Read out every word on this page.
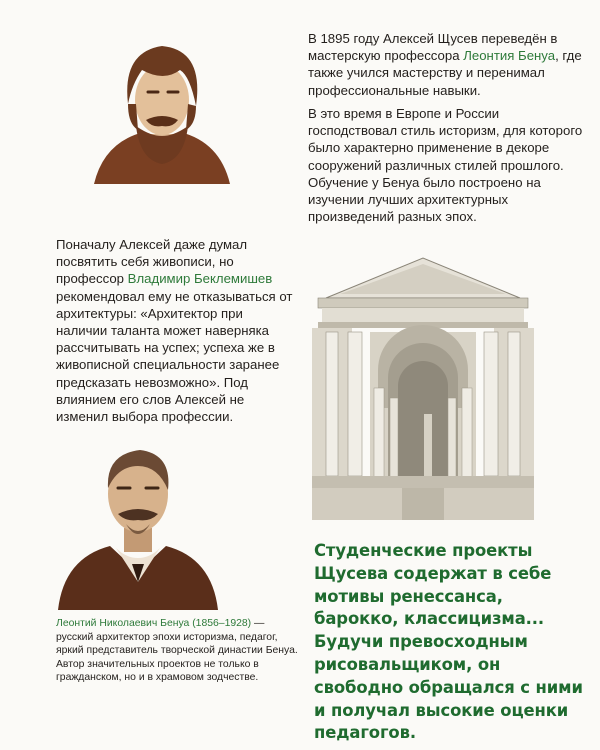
В 1895 году Алексей Щусев переведён в мастерскую профессора Леонтия Бенуа, где также учился мастерству и перенимал профессиональные навыки.

В это время в Европе и России господствовал стиль историзм, для которого было характерно применение в декоре сооружений различных стилей прошлого. Обучение у Бенуа было построено на изучении лучших архитектурных произведений разных эпох.

Поначалу Алексей даже думал посвятить себя живописи, но профессор Владимир Беклемишев рекомендовал ему не отказываться от архитектуры: «Архитектор при наличии таланта может наверняка рассчитывать на успех; успеха же в живописной специальности заранее предсказать невозможно». Под влиянием его слов Алексей не изменил выбора профессии.

Леонтий Николаевич Бенуа (1856–1928) — русский архитектор эпохи историзма, педагог, яркий представитель творческой династии Бенуа. Автор значительных проектов не только в гражданском, но и в храмовом зодчестве.

Студенческие проекты Щусева содержат в себе мотивы ренессанса, барокко, классицизма... Будучи превосходным рисовальщиком, он свободно обращался с ними и получал высокие оценки педагогов.
